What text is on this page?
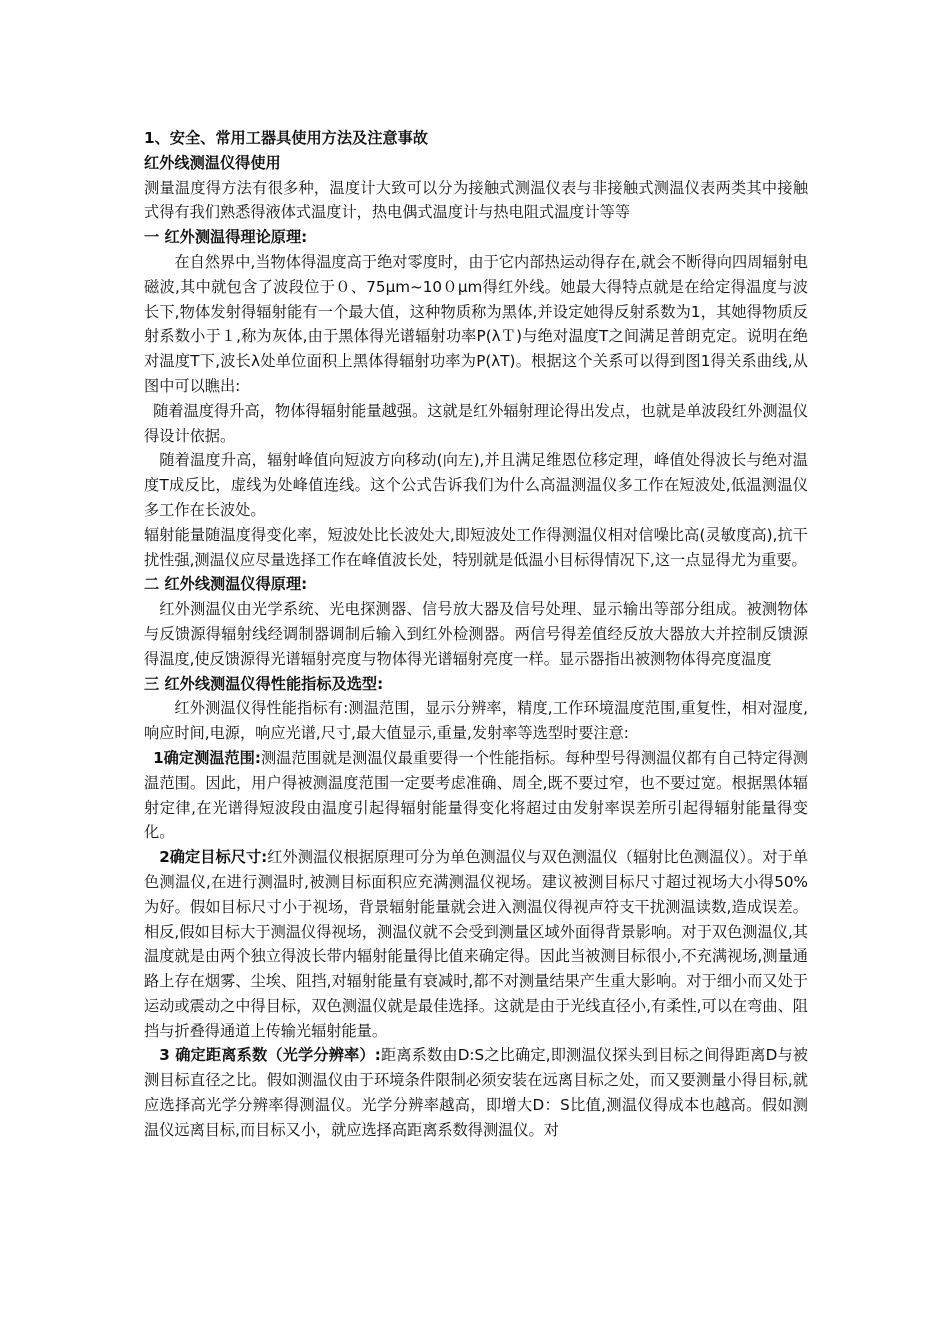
1、安全、常用工器具使用方法及注意事故

红外线测温仪得使用

测量温度得方法有很多种，温度计大致可以分为接触式测温仪表与非接触式测温仪表两类其中接触式得有我们熟悉得液体式温度计，热电偶式温度计与热电阻式温度计等等

一 红外测温得理论原理:

在自然界中,当物体得温度高于绝对零度时，由于它内部热运动得存在,就会不断得向四周辐射电磁波,其中就包含了波段位于０、75μm~10０μm得红外线。她最大得特点就是在给定得温度与波长下,物体发射得辐射能有一个最大值，这种物质称为黑体,并设定她得反射系数为1，其她得物质反射系数小于１,称为灰体,由于黑体得光谱辐射功率P(λＴ)与绝对温度T之间满足普朗克定。说明在绝对温度T下,波长λ处单位面积上黑体得辐射功率为P(λT)。根据这个关系可以得到图1得关系曲线,从图中可以瞧出:

随着温度得升高，物体得辐射能量越强。这就是红外辐射理论得出发点，也就是单波段红外测温仪得设计依据。

随着温度升高，辐射峰值向短波方向移动(向左),并且满足维恩位移定理，峰值处得波长与绝对温度T成反比，虚线为处峰值连线。这个公式告诉我们为什么高温测温仪多工作在短波处,低温测温仪多工作在长波处。

辐射能量随温度得变化率，短波处比长波处大,即短波处工作得测温仪相对信噪比高(灵敏度高),抗干扰性强,测温仪应尽量选择工作在峰值波长处，特别就是低温小目标得情况下,这一点显得尤为重要。

二 红外线测温仪得原理:

红外测温仪由光学系统、光电探测器、信号放大器及信号处理、显示输出等部分组成。被测物体与反馈源得辐射线经调制器调制后输入到红外检测器。两信号得差值经反放大器放大并控制反馈源得温度,使反馈源得光谱辐射亮度与物体得光谱辐射亮度一样。显示器指出被测物体得亮度温度

三 红外线测温仪得性能指标及选型:

红外测温仪得性能指标有:测温范围，显示分辨率，精度,工作环境温度范围,重复性，相对湿度,响应时间,电源，响应光谱,尺寸,最大值显示,重量,发射率等选型时要注意:

1确定测温范围:测温范围就是测温仪最重要得一个性能指标。每种型号得测温仪都有自己特定得测温范围。因此，用户得被测温度范围一定要考虑准确、周全,既不要过窄，也不要过宽。根据黑体辐射定律,在光谱得短波段由温度引起得辐射能量得变化将超过由发射率误差所引起得辐射能量得变化。

2确定目标尺寸:红外测温仪根据原理可分为单色测温仪与双色测温仪（辐射比色测温仪）。对于单色测温仪,在进行测温时,被测目标面积应充满测温仪视场。建议被测目标尺寸超过视场大小得50%为好。假如目标尺寸小于视场，背景辐射能量就会进入测温仪得视声符支干扰测温读数,造成误差。相反,假如目标大于测温仪得视场，测温仪就不会受到测量区域外面得背景影响。对于双色测温仪,其温度就是由两个独立得波长带内辐射能量得比值来确定得。因此当被测目标很小,不充满视场,测量通路上存在烟雾、尘埃、阻挡,对辐射能量有衰减时,都不对测量结果产生重大影响。对于细小而又处于运动或震动之中得目标，双色测温仪就是最佳选择。这就是由于光线直径小,有柔性,可以在弯曲、阻挡与折叠得通道上传输光辐射能量。

3 确定距离系数（光学分辨率）:距离系数由D:S之比确定,即测温仪探头到目标之间得距离D与被测目标直径之比。假如测温仪由于环境条件限制必须安装在远离目标之处，而又要测量小得目标,就应选择高光学分辨率得测温仪。光学分辨率越高，即增大D：S比值,测温仪得成本也越高。假如测温仪远离目标,而目标又小，就应选择高距离系数得测温仪。对
